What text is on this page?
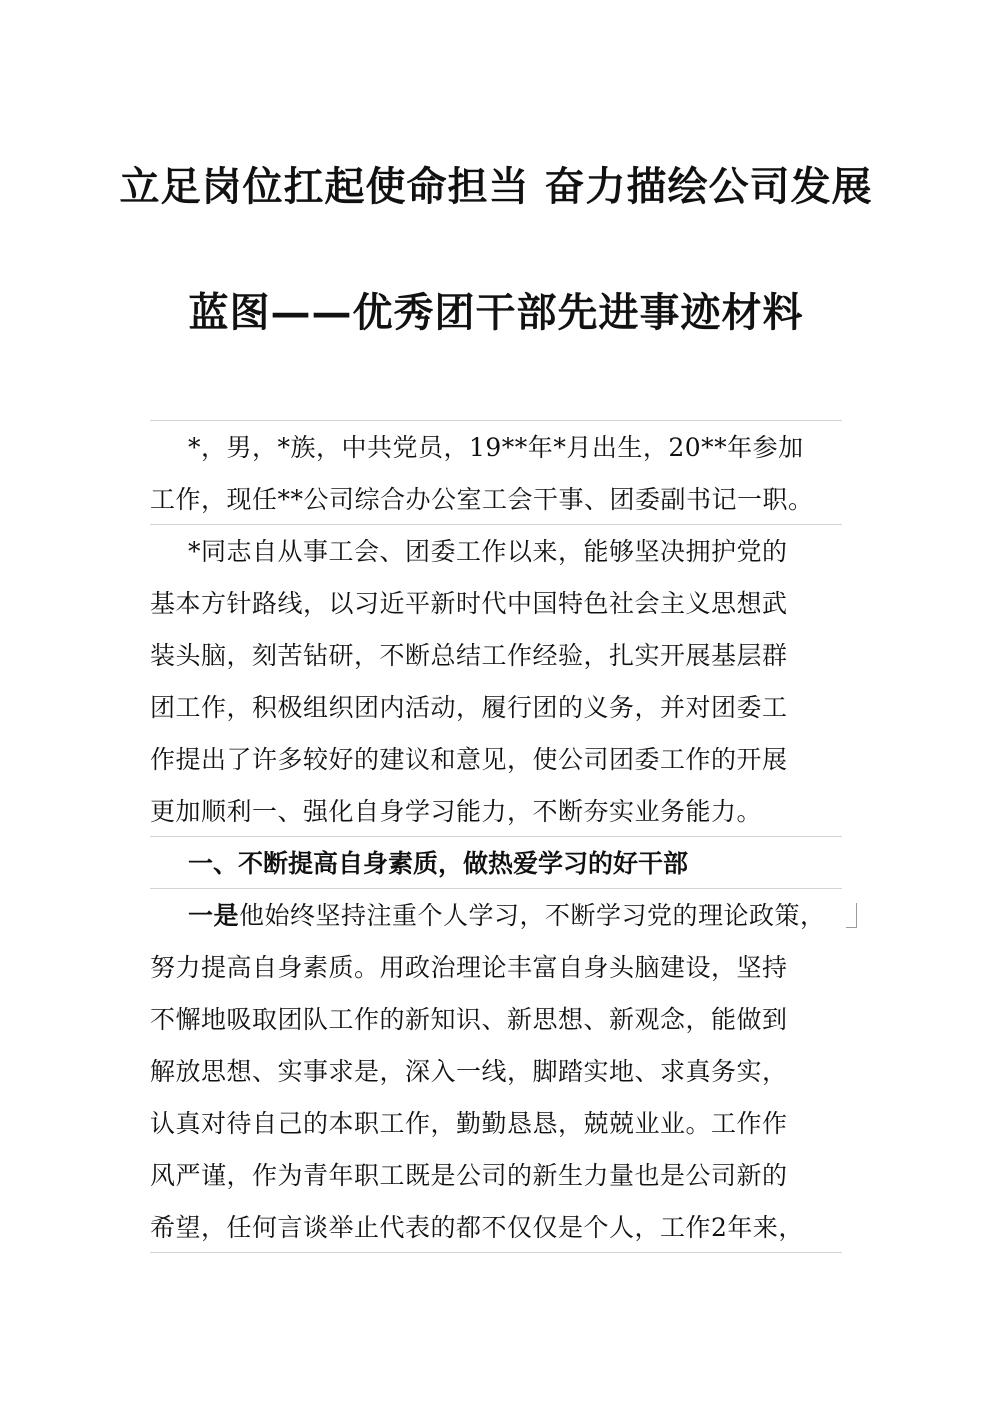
立足岗位扛起使命担当 奋力描绘公司发展
蓝图——优秀团干部先进事迹材料
*，男，*族，中共党员，19**年*月出生，20**年参加
工作，现任**公司综合办公室工会干事、团委副书记一职。
*同志自从事工会、团委工作以来，能够坚决拥护党的
基本方针路线，以习近平新时代中国特色社会主义思想武
装头脑，刻苦钻研，不断总结工作经验，扎实开展基层群
团工作，积极组织团内活动，履行团的义务，并对团委工
作提出了许多较好的建议和意见，使公司团委工作的开展
更加顺利一、强化自身学习能力，不断夯实业务能力。
一、不断提高自身素质，做热爱学习的好干部
一是他始终坚持注重个人学习，不断学习党的理论政策，
努力提高自身素质。用政治理论丰富自身头脑建设，坚持
不懈地吸取团队工作的新知识、新思想、新观念，能做到
解放思想、实事求是，深入一线，脚踏实地、求真务实，
认真对待自己的本职工作，勤勤恳恳，兢兢业业。工作作
风严谨，作为青年职工既是公司的新生力量也是公司新的
希望，任何言谈举止代表的都不仅仅是个人，工作2年来，
